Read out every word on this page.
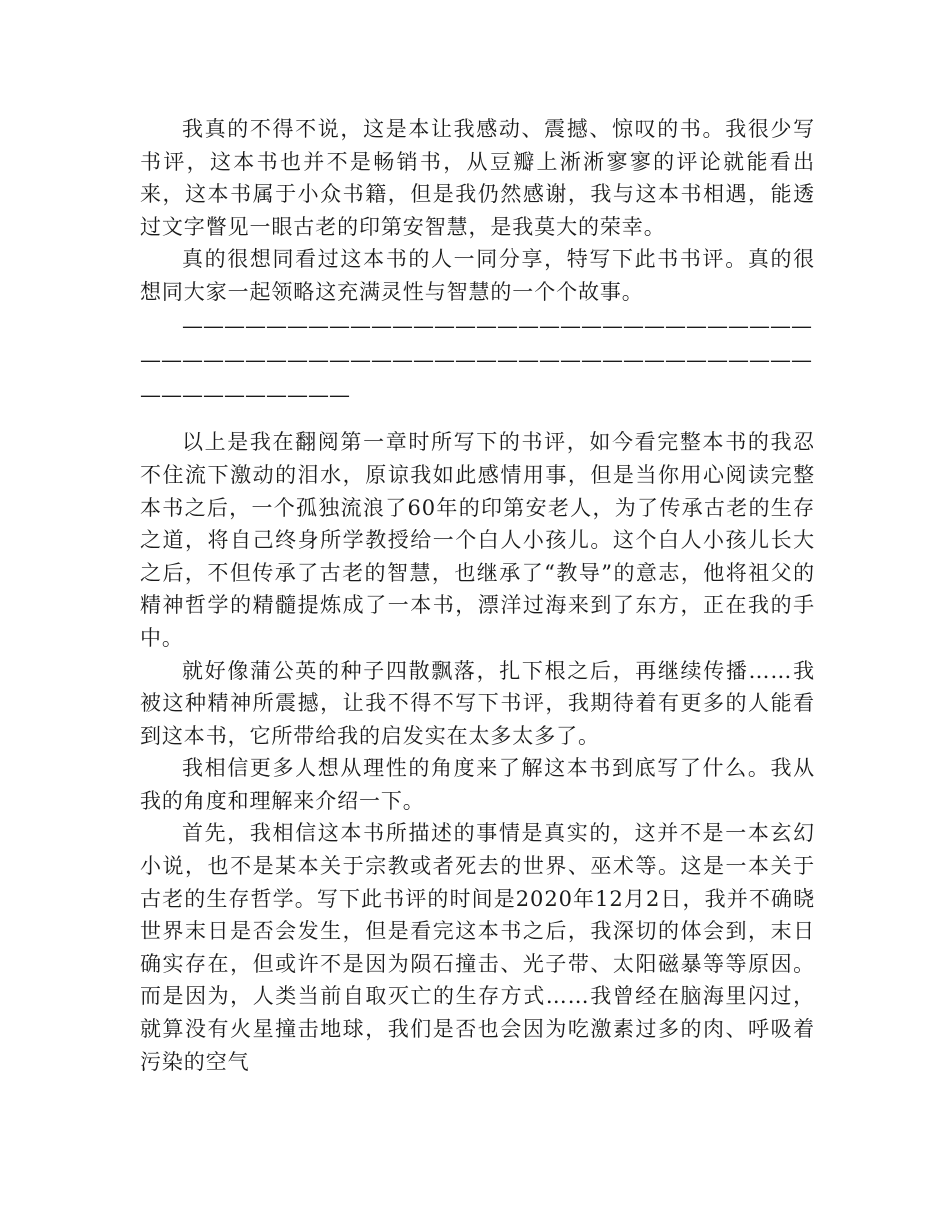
我真的不得不说，这是本让我感动、震撼、惊叹的书。我很少写书评，这本书也并不是畅销书，从豆瓣上淅淅寥寥的评论就能看出来，这本书属于小众书籍，但是我仍然感谢，我与这本书相遇，能透过文字瞥见一眼古老的印第安智慧，是我莫大的荣幸。

真的很想同看过这本书的人一同分享，特写下此书书评。真的很想同大家一起领略这充满灵性与智慧的一个个故事。

————————————————————————————————————————————————————————————————————————

以上是我在翻阅第一章时所写下的书评，如今看完整本书的我忍不住流下激动的泪水，原谅我如此感情用事，但是当你用心阅读完整本书之后，一个孤独流浪了60年的印第安老人，为了传承古老的生存之道，将自己终身所学教授给一个白人小孩儿。这个白人小孩儿长大之后，不但传承了古老的智慧，也继承了“教导”的意志，他将祖父的精神哲学的精髓提炼成了一本书，漂洋过海来到了东方，正在我的手中。

就好像蒲公英的种子四散飘落，扎下根之后，再继续传播……我被这种精神所震撼，让我不得不写下书评，我期待着有更多的人能看到这本书，它所带给我的启发实在太多太多了。

我相信更多人想从理性的角度来了解这本书到底写了什么。我从我的角度和理解来介绍一下。

首先，我相信这本书所描述的事情是真实的，这并不是一本玄幻小说，也不是某本关于宗教或者死去的世界、巫术等。这是一本关于古老的生存哲学。写下此书评的时间是2020年12月2日，我并不确晓世界末日是否会发生，但是看完这本书之后，我深切的体会到，末日确实存在，但或许不是因为陨石撞击、光子带、太阳磁暴等等原因。而是因为，人类当前自取灭亡的生存方式……我曾经在脑海里闪过，就算没有火星撞击地球，我们是否也会因为吃激素过多的肉、呼吸着污染的空气
